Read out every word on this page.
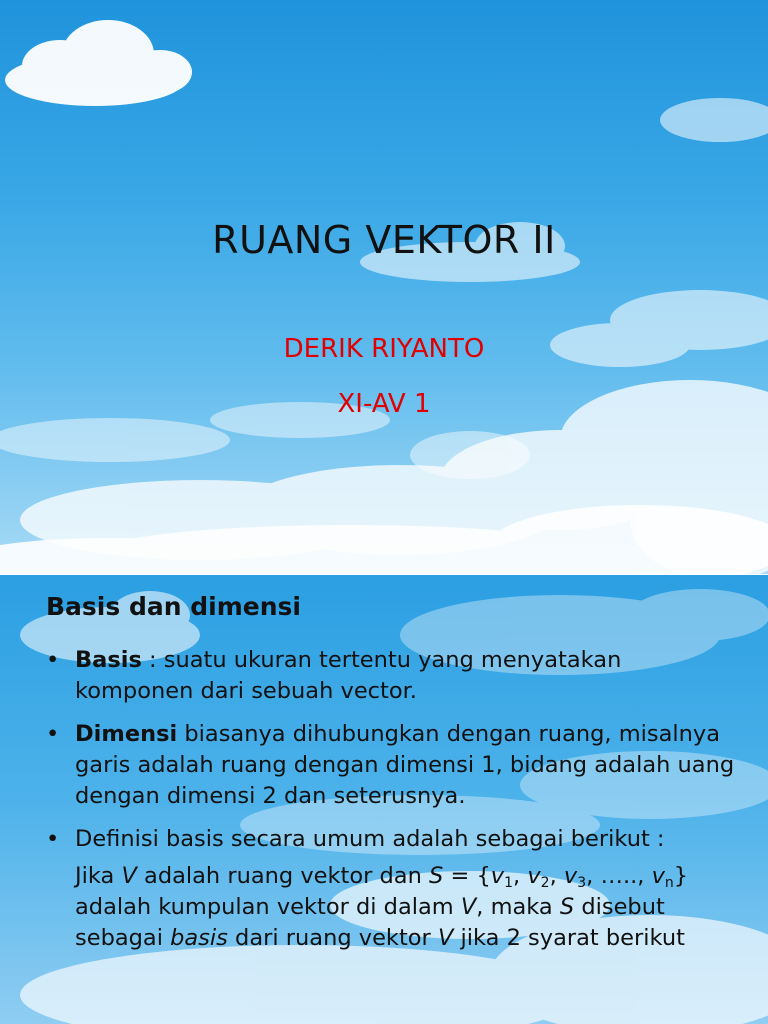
RUANG VEKTOR II
DERIK RIYANTO
XI-AV 1
Basis dan dimensi
• Basis : suatu ukuran tertentu yang menyatakan komponen dari sebuah vector.
• Dimensi biasanya dihubungkan dengan ruang, misalnya garis adalah ruang dengan dimensi 1, bidang adalah uang dengan dimensi 2 dan seterusnya.
• Definisi basis secara umum adalah sebagai berikut :
Jika V adalah ruang vektor dan $S = \{v_1$, $v_2$, $v_3$, ….., $v_n$} adalah kumpulan vektor di dalam V, maka S disebut sebagai basis dari ruang vektor V jika 2 syarat berikut
